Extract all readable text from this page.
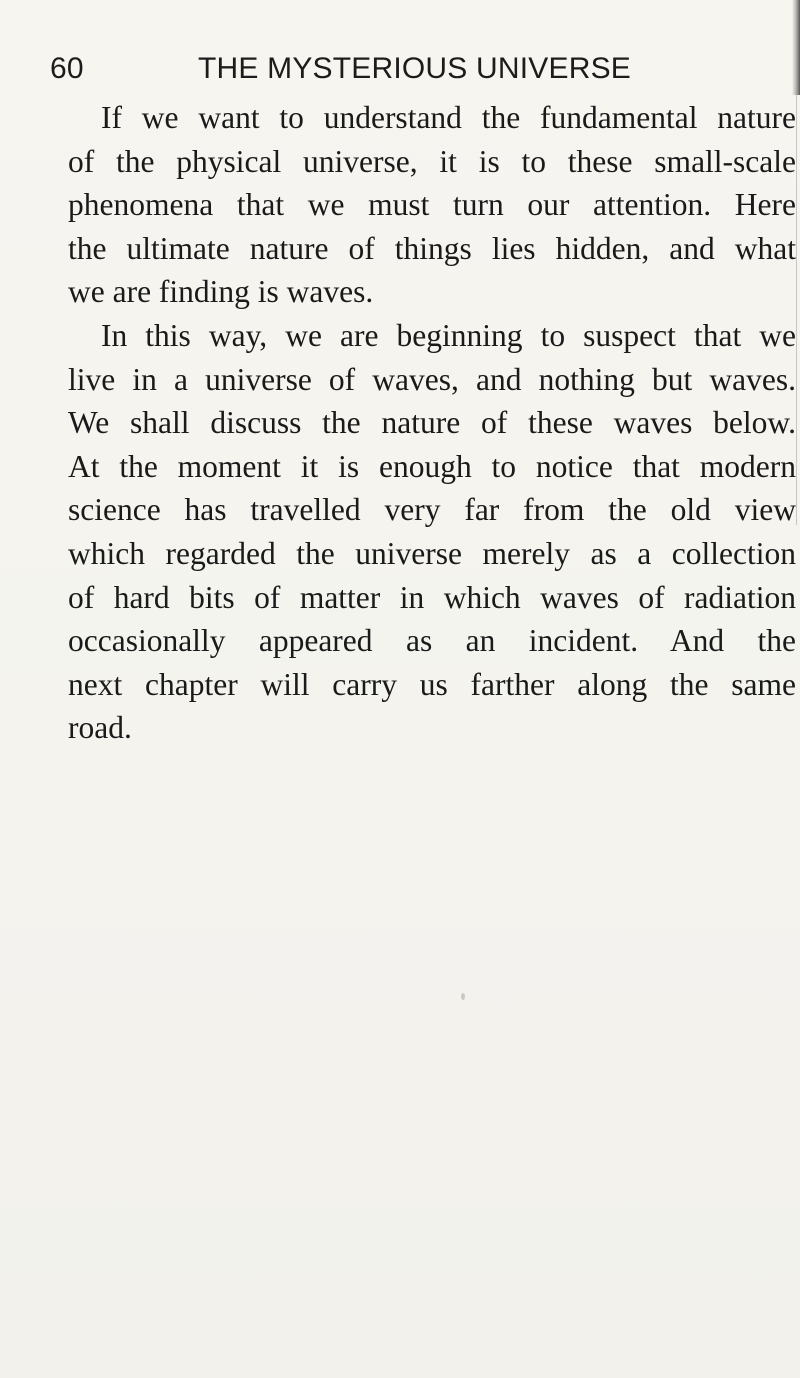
60	THE MYSTERIOUS UNIVERSE
If we want to understand the fundamental nature
of the physical universe, it is to these small-scale
phenomena that we must turn our attention. Here
the ultimate nature of things lies hidden, and what
we are finding is waves.
In this way, we are beginning to suspect that we
live in a universe of waves, and nothing but waves.
We shall discuss the nature of these waves below.
At the moment it is enough to notice that modern
science has travelled very far from the old view
which regarded the universe merely as a collection
of hard bits of matter in which waves of radiation
occasionally appeared as an incident. And the
next chapter will carry us farther along the same
road.
